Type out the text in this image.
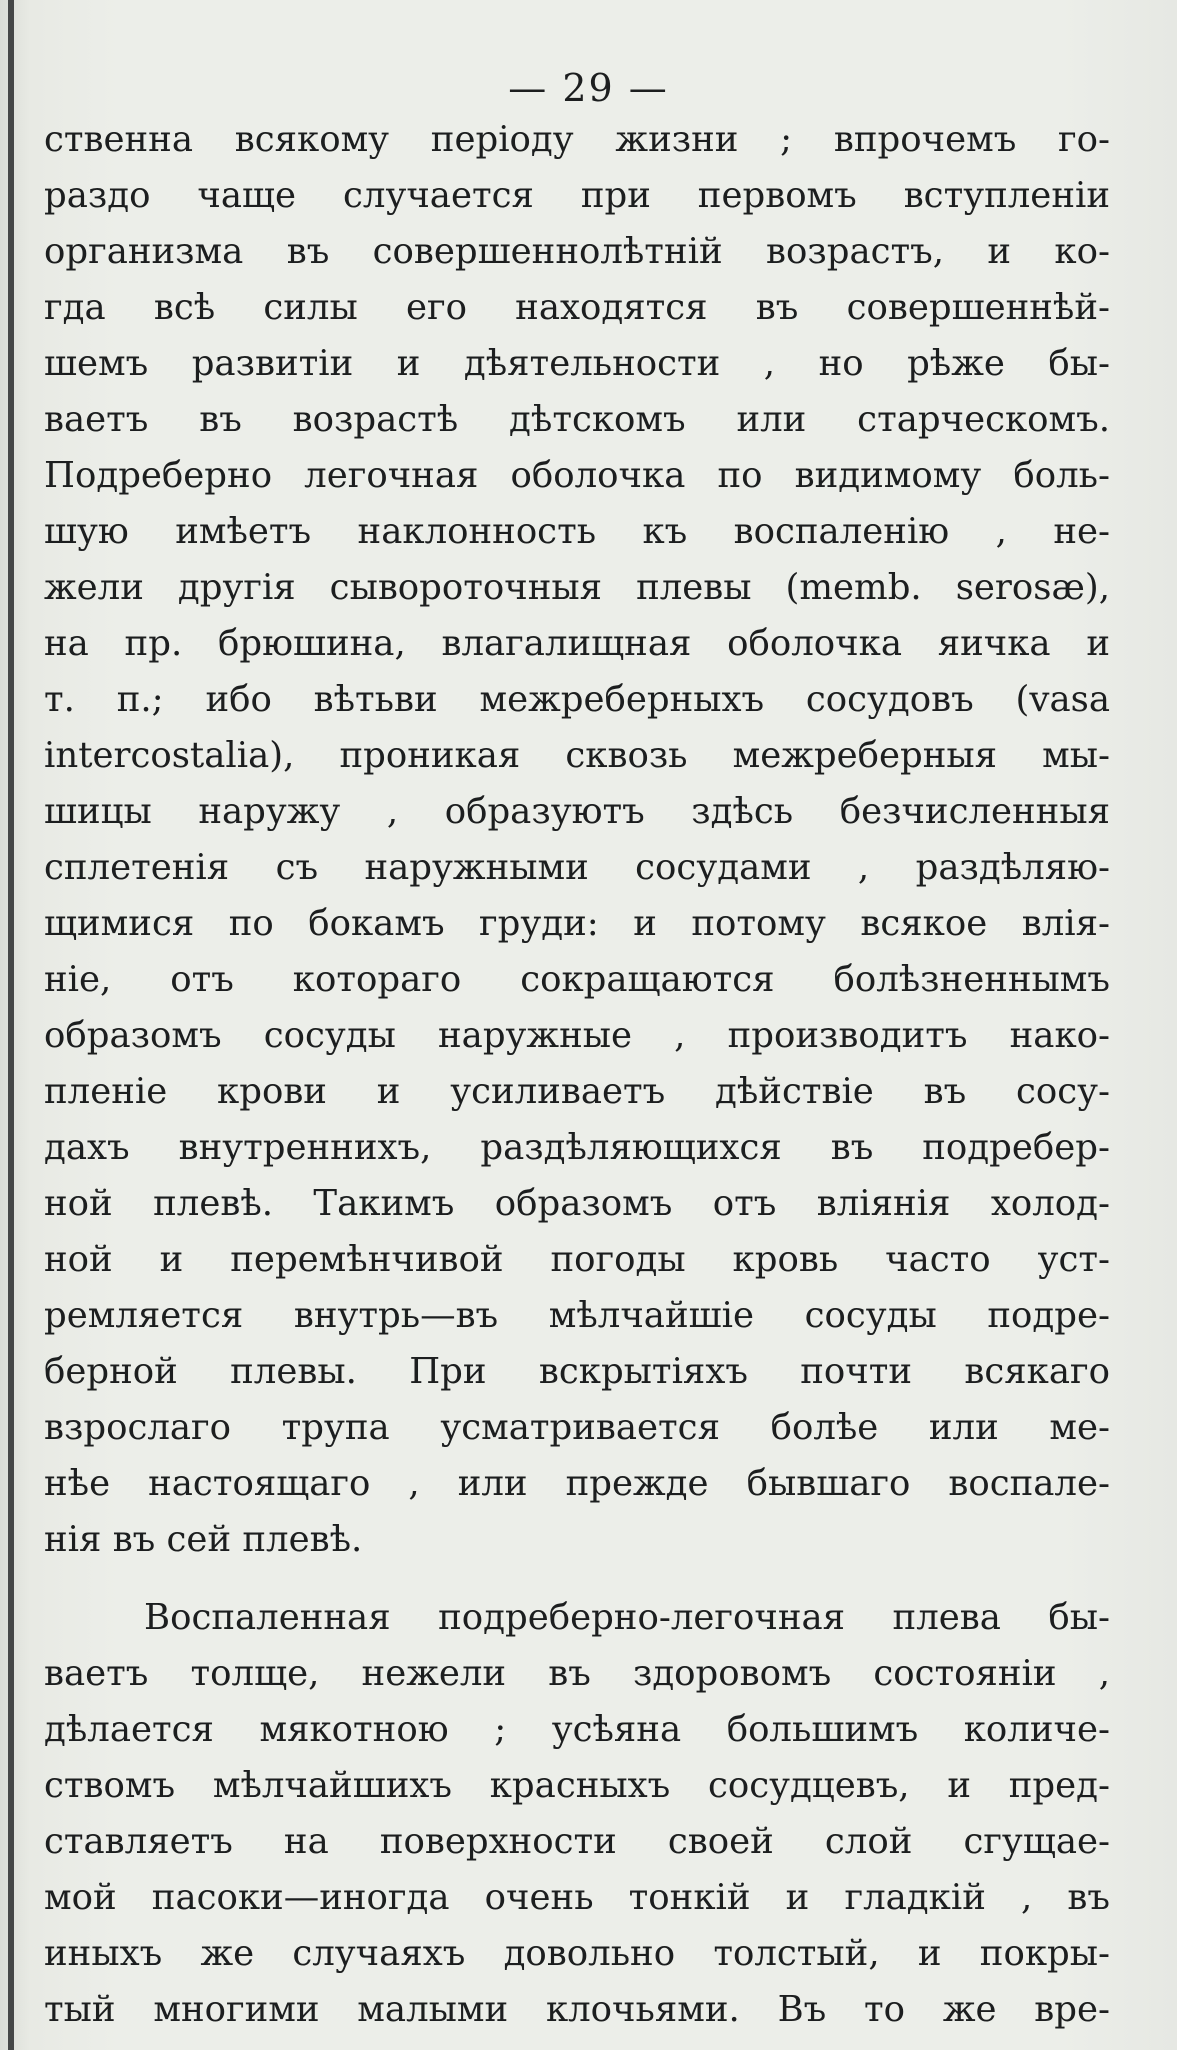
— 29 —
ственна всякому періоду жизни ; впрочемъ го-
раздо чаще случается при первомъ вступленіи
организма въ совершеннолѣтній возрастъ, и ко-
гда всѣ силы его находятся въ совершеннѣй-
шемъ развитіи и дѣятельности , но рѣже бы-
ваетъ въ возрастѣ дѣтскомъ или старческомъ.
Подреберно легочная оболочка по видимому боль-
шую имѣетъ наклонность къ воспаленію , не-
жели другія сывороточныя плевы (memb. serosæ),
на пр. брюшина, влагалищная оболочка яичка и
т. п.; ибо вѣтьви межреберныхъ сосудовъ (vasa
intercostalia), проникая сквозь межреберныя мы-
шицы наружу , образуютъ здѣсь безчисленныя
сплетенія съ наружными сосудами , раздѣляю-
щимися по бокамъ груди: и потому всякое влія-
ніе, отъ котораго сокращаются болѣзненнымъ
образомъ сосуды наружные , производитъ нако-
пленіе крови и усиливаетъ дѣйствіе въ сосу-
дахъ внутреннихъ, раздѣляющихся въ подребер-
ной плевѣ. Такимъ образомъ отъ вліянія холод-
ной и перемѣнчивой погоды кровь часто уст-
ремляется внутрь—въ мѣлчайшіе сосуды подре-
берной плевы. При вскрытіяхъ почти всякаго
взрослаго трупа усматривается болѣе или ме-
нѣе настоящаго , или прежде бывшаго воспале-
нія въ сей плевѣ.
Воспаленная подреберно-легочная плева бы-
ваетъ толще, нежели въ здоровомъ состояніи ,
дѣлается мякотною ; усѣяна большимъ количе-
ствомъ мѣлчайшихъ красныхъ сосудцевъ, и пред-
ставляетъ на поверхности своей слой сгущае-
мой пасоки—иногда очень тонкій и гладкій , въ
иныхъ же случаяхъ довольно толстый, и покры-
тый многими малыми клочьями. Въ то же вре-
